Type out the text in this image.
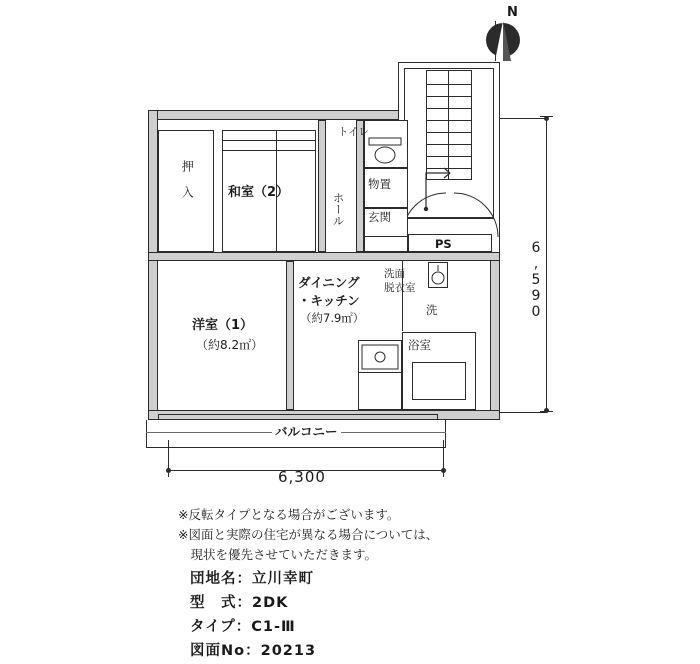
N
PS
押 入	和室（2）	ホール
トイレ
物置
玄関
洋室（1）
（約8.2㎡）
ダイニング
・キッチン
（約7.9㎡）
洗面
脱衣室
洗
浴室
バルコニー
6,590
6,300
※反転タイプとなる場合がございます。
※図面と実際の住宅が異なる場合については、
　現状を優先させていただきます。
団地名：立川幸町
型　式：2DK
タイプ：C1-Ⅲ
図面No：20213
